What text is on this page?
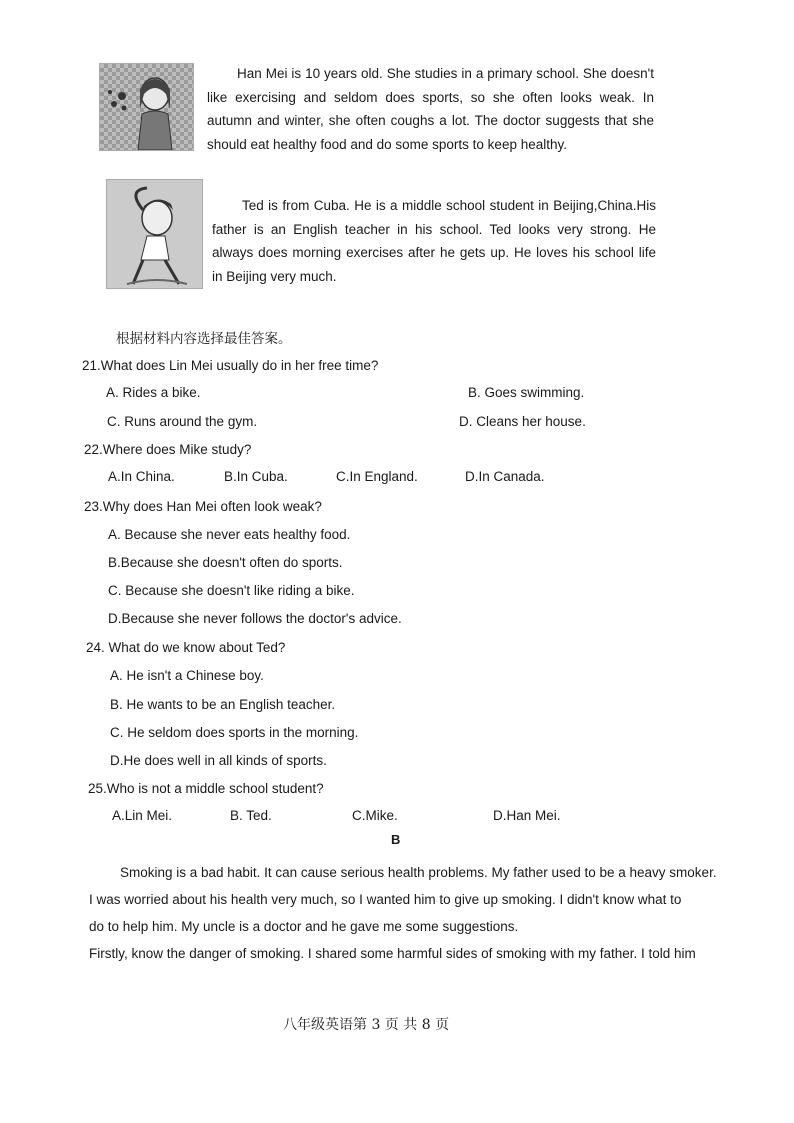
Han Mei is 10 years old. She studies in a primary school. She doesn't like exercising and seldom does sports, so she often looks weak. In autumn and winter, she often coughs a lot. The doctor suggests that she should eat healthy food and do some sports to keep healthy.

Ted is from Cuba. He is a middle school student in Beijing,China.His father is an English teacher in his school. Ted looks very strong. He always does morning exercises after he gets up. He loves his school life in Beijing very much.

根据材料内容选择最佳答案。
21.What does Lin Mei usually do in her free time?
A. Rides a bike.	B. Goes swimming.
C. Runs around the gym.	D. Cleans her house.
22.Where does Mike study?
A.In China.	B.In Cuba.	C.In England.	D.In Canada.
23.Why does Han Mei often look weak?
A. Because she never eats healthy food.
B.Because she doesn't often do sports.
C. Because she doesn't like riding a bike.
D.Because she never follows the doctor's advice.
24. What do we know about Ted?
A. He isn't a Chinese boy.
B. He wants to be an English teacher.
C. He seldom does sports in the morning.
D.He does well in all kinds of sports.
25.Who is not a middle school student?
A.Lin Mei.	B. Ted.	C.Mike.	D.Han Mei.
B
Smoking is a bad habit. It can cause serious health problems. My father used to be a heavy smoker.
I was worried about his health very much, so I wanted him to give up smoking. I didn't know what to
do to help him. My uncle is a doctor and he gave me some suggestions.
Firstly, know the danger of smoking. I shared some harmful sides of smoking with my father. I told him
八年级英语第 3 页 共 8 页
